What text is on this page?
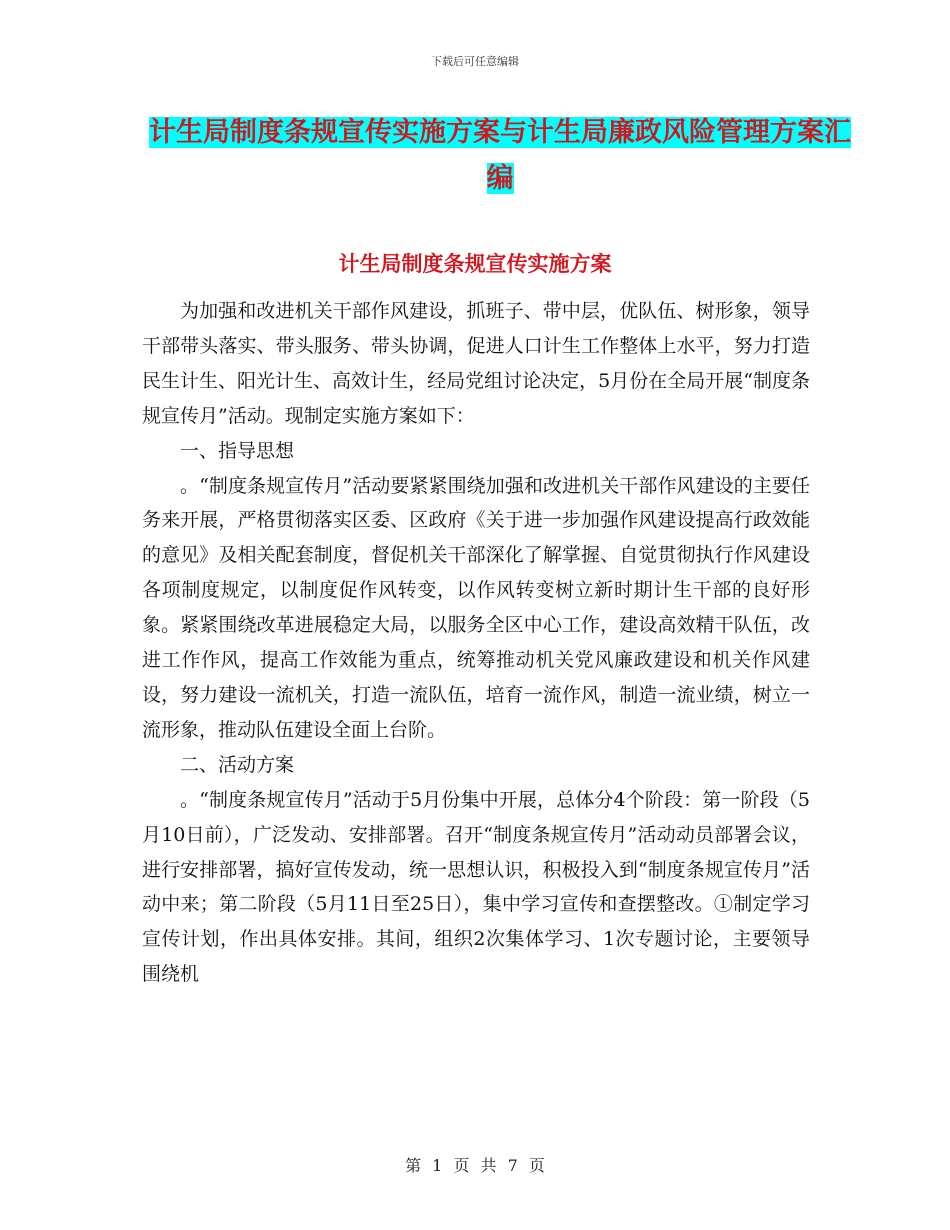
下载后可任意编辑
计生局制度条规宣传实施方案与计生局廉政风险管理方案汇编
计生局制度条规宣传实施方案

为加强和改进机关干部作风建设，抓班子、带中层，优队伍、树形象，领导干部带头落实、带头服务、带头协调，促进人口计生工作整体上水平，努力打造民生计生、阳光计生、高效计生，经局党组讨论决定，5月份在全局开展“制度条规宣传月”活动。现制定实施方案如下：

一、指导思想

。“制度条规宣传月”活动要紧紧围绕加强和改进机关干部作风建设的主要任务来开展，严格贯彻落实区委、区政府《关于进一步加强作风建设提高行政效能的意见》及相关配套制度，督促机关干部深化了解掌握、自觉贯彻执行作风建设各项制度规定，以制度促作风转变，以作风转变树立新时期计生干部的良好形象。紧紧围绕改革进展稳定大局，以服务全区中心工作，建设高效精干队伍，改进工作作风，提高工作效能为重点，统筹推动机关党风廉政建设和机关作风建设，努力建设一流机关，打造一流队伍，培育一流作风，制造一流业绩，树立一流形象，推动队伍建设全面上台阶。

二、活动方案

。“制度条规宣传月”活动于5月份集中开展，总体分4个阶段：第一阶段（5月10日前），广泛发动、安排部署。召开“制度条规宣传月”活动动员部署会议，进行安排部署，搞好宣传发动，统一思想认识，积极投入到“制度条规宣传月”活动中来；第二阶段（5月11日至25日），集中学习宣传和查摆整改。①制定学习宣传计划，作出具体安排。其间，组织2次集体学习、1次专题讨论，主要领导围绕机

第 1 页 共 7 页
